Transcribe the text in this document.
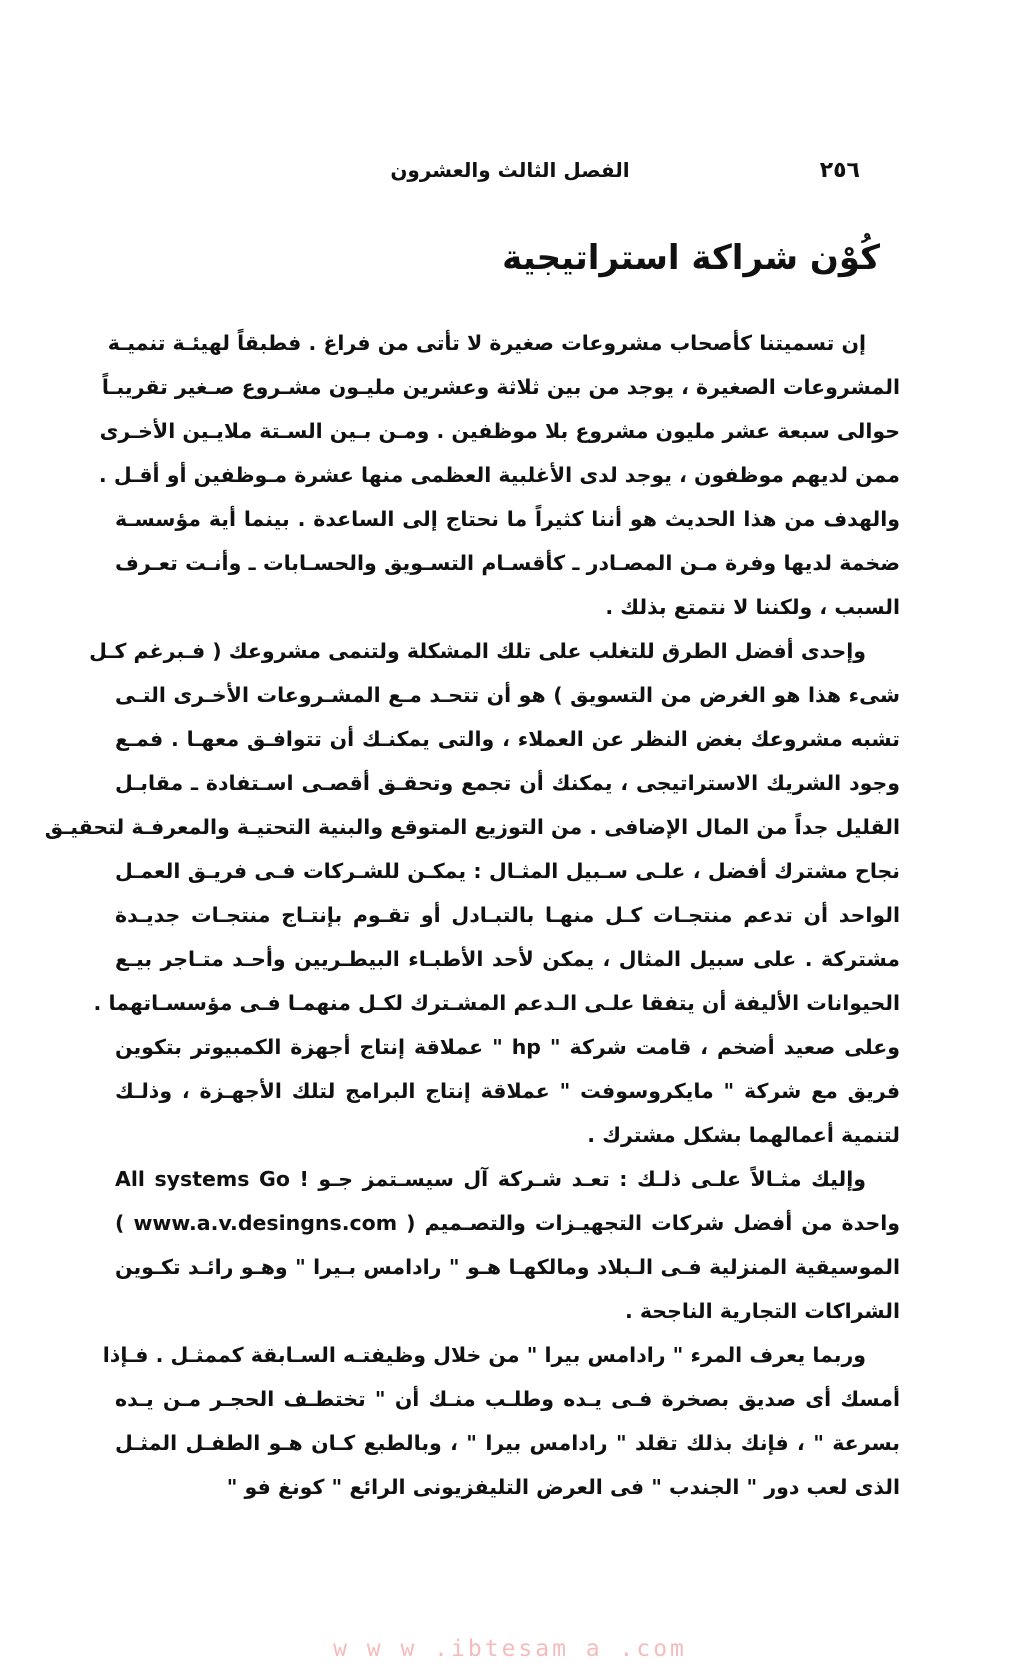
الفصل الثالث والعشرون	٢٥٦
كُوْن شراكة استراتيجية
إن تسميتنا كأصحاب مشروعات صغيرة لا تأتى من فراغ . فطبقاً لهيئـة تنميـة
المشروعات الصغيرة ، يوجد من بين ثلاثة وعشرين مليـون مشـروع صـغير تقريبـاً
حوالى سبعة عشر مليون مشروع بلا موظفين . ومـن بـين السـتة ملايـين الأخـرى
ممن لديهم موظفون ، يوجد لدى الأغلبية العظمى منها عشرة مـوظفين أو أقـل .
والهدف من هذا الحديث هو أننا كثيراً ما نحتاج إلى الساعدة . بينما أية مؤسسـة
ضخمة لديها وفرة مـن المصـادر ـ كأقسـام التسـويق والحسـابات ـ وأنـت تعـرف
السبب ، ولكننا لا نتمتع بذلك .
وإحدى أفضل الطرق للتغلب على تلك المشكلة ولتنمى مشروعك ( فـبرغم كـل
شىء هذا هو الغرض من التسويق ) هو أن تتحـد مـع المشـروعات الأخـرى التـى
تشبه مشروعك بغض النظر عن العملاء ، والتى يمكنـك أن تتوافـق معهـا . فمـع
وجود الشريك الاستراتيجى ، يمكنك أن تجمع وتحقـق أقصـى اسـتفادة ـ مقابـل
القليل جداً من المال الإضافى . من التوزيع المتوقع والبنية التحتيـة والمعرفـة لتحقيـق
نجاح مشترك أفضل ، علـى سـبيل المثـال : يمكـن للشـركات فـى فريـق العمـل
الواحد أن تدعم منتجـات كـل منهـا بالتبـادل أو تقـوم بإنتـاج منتجـات جديـدة
مشتركة . على سبيل المثال ، يمكن لأحد الأطبـاء البيطـريين وأحـد متـاجر بيـع
الحيوانات الأليفة أن يتفقا علـى الـدعم المشـترك لكـل منهمـا فـى مؤسسـاتهما .
وعلى صعيد أضخم ، قامت شركة " hp " عملاقة إنتاج أجهزة الكمبيوتر بتكوين
فريق مع شركة " مايكروسوفت " عملاقة إنتاج البرامج لتلك الأجهـزة ، وذلـك
لتنمية أعمالهما بشكل مشترك .
وإليك مثـالاً علـى ذلـك : تعـد شـركة آل سيسـتمز جـو ! All systems Go
واحدة من أفضل شركات التجهيـزات والتصـميم ( www.a.v.desingns.com )
الموسيقية المنزلية فـى الـبلاد ومالكهـا هـو " رادامس بـيرا " وهـو رائـد تكـوين
الشراكات التجارية الناجحة .
وربما يعرف المرء " رادامس بيرا " من خلال وظيفتـه السـابقة كممثـل . فـإذا
أمسك أى صديق بصخرة فـى يـده وطلـب منـك أن " تختطـف الحجـر مـن يـده
بسرعة " ، فإنك بذلك تقلد " رادامس بيرا " ، وبالطبع كـان هـو الطفـل المثـل
الذى لعب دور " الجندب " فى العرض التليفزيونى الرائع " كونغ فو "
w w w .ibtesam a .com
